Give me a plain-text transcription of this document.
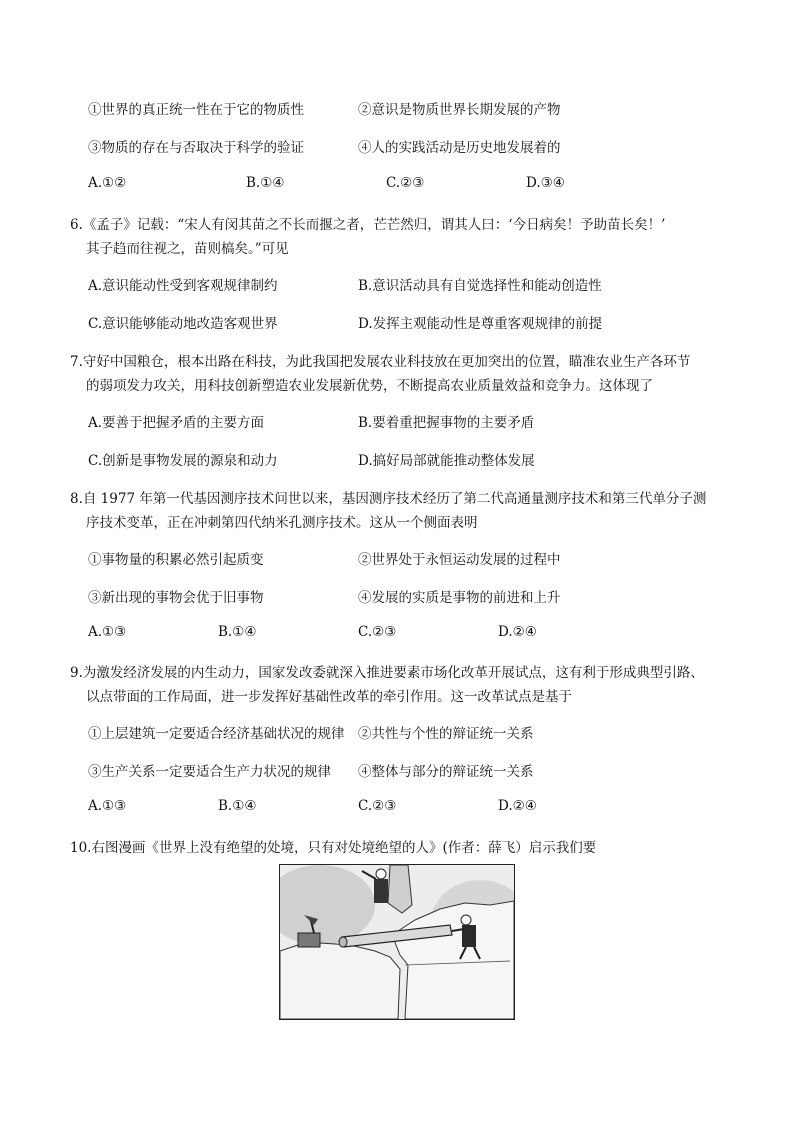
①世界的真正统一性在于它的物质性	②意识是物质世界长期发展的产物
③物质的存在与否取决于科学的验证	④人的实践活动是历史地发展着的
A.①②	B.①④	C.②③	D.③④
6.《孟子》记载：“宋人有闵其苗之不长而揠之者，芒芒然归，谓其人曰：‘今日病矣！予助苗长矣！’
其子趋而往视之，苗则槁矣。”可见
A.意识能动性受到客观规律制约	B.意识活动具有自觉选择性和能动创造性
C.意识能够能动地改造客观世界	D.发挥主观能动性是尊重客观规律的前提
7.守好中国粮仓，根本出路在科技，为此我国把发展农业科技放在更加突出的位置，瞄准农业生产各环节
的弱项发力攻关，用科技创新塑造农业发展新优势，不断提高农业质量效益和竞争力。这体现了
A.要善于把握矛盾的主要方面	B.要着重把握事物的主要矛盾
C.创新是事物发展的源泉和动力	D.搞好局部就能推动整体发展
8.自 1977 年第一代基因测序技术问世以来，基因测序技术经历了第二代高通量测序技术和第三代单分子测
序技术变革，正在冲刺第四代纳米孔测序技术。这从一个侧面表明
①事物量的积累必然引起质变	②世界处于永恒运动发展的过程中
③新出现的事物会优于旧事物	④发展的实质是事物的前进和上升
A.①③	B.①④	C.②③	D.②④
9.为激发经济发展的内生动力，国家发改委就深入推进要素市场化改革开展试点，这有利于形成典型引路、
以点带面的工作局面，进一步发挥好基础性改革的牵引作用。这一改革试点是基于
①上层建筑一定要适合经济基础状况的规律 ②共性与个性的辩证统一关系
③生产关系一定要适合生产力状况的规律 ④整体与部分的辩证统一关系
A.①③	B.①④	C.②③	D.②④
10.右图漫画《世界上没有绝望的处境，只有对处境绝望的人》(作者：薛飞）启示我们要
